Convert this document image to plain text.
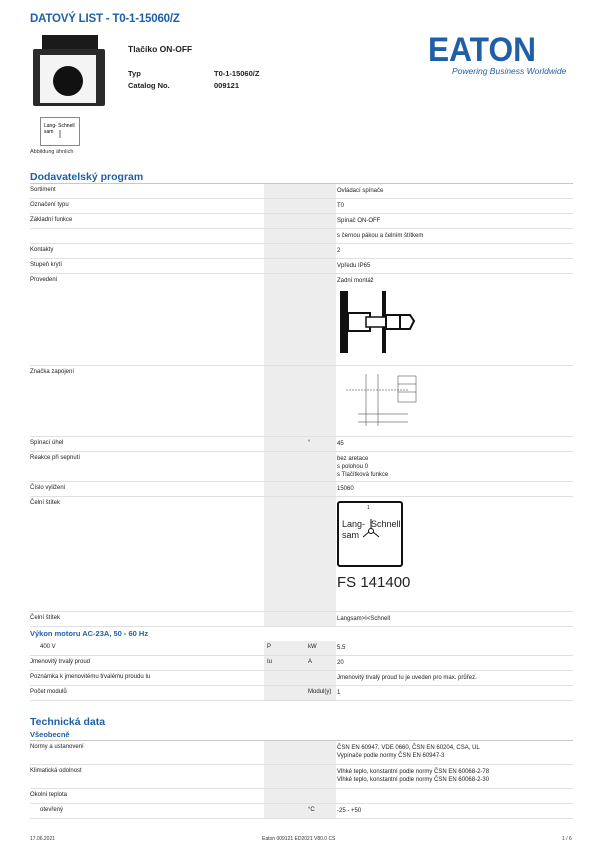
DATOVÝ LIST - T0-1-15060/Z
Lang- Schnell
sam
Abbildung ähnlich
Tlačíko ON-OFF
Typ	T0-1-15060/Z
Catalog No.	009121
EATON
Powering Business Worldwide
Dodavatelský program
Sortiment	Ovládací spínače
Označení typu	T0
Základní funkce	Spínač ON-OFF
s černou pákou a čelním štítkem
Kontakty	2
Stupeň krytí	Vpředu IP65
Provedení	Zadní montáž
Značka zapojení
Spínací úhel	°	45
Reakce při sepnutí	bez aretace
s polohou 0
s Tlačítková funkce
Číslo vyližení	15060
Čelní štítek
1
Lang-
sam
Schnell
FS 141400
Čelní štítek	Langsam>I<Schnell
Výkon motoru AC-23A, 50 - 60 Hz
400 V	P	kW	5.5
Jmenovitý trvalý proud	Iu	A	20
Poznámka k jmenovitému trvalému proudu Iu	Jmenovitý trvalý proud Iu je uveden pro max. průřez.
Počet modulů	Modul(y) 1
Technická data
Všeobecně
Normy a ustanovení	ČSN EN 60947, VDE 0660, ČSN EN 60204, CSA, UL
Vypínače podle normy ČSN EN 60947-3
Klimatická odolnost	Vlhké teplo, konstantní podle normy ČSN EN 60068-2-78
Vlhké teplo, konstantní podle normy ČSN EN 60068-2-30
Okolní teplota
otevřený	°C	-25 - +50
17.06.2021	Eaton 009121 ED2021 V80.0 CS	1 / 6
